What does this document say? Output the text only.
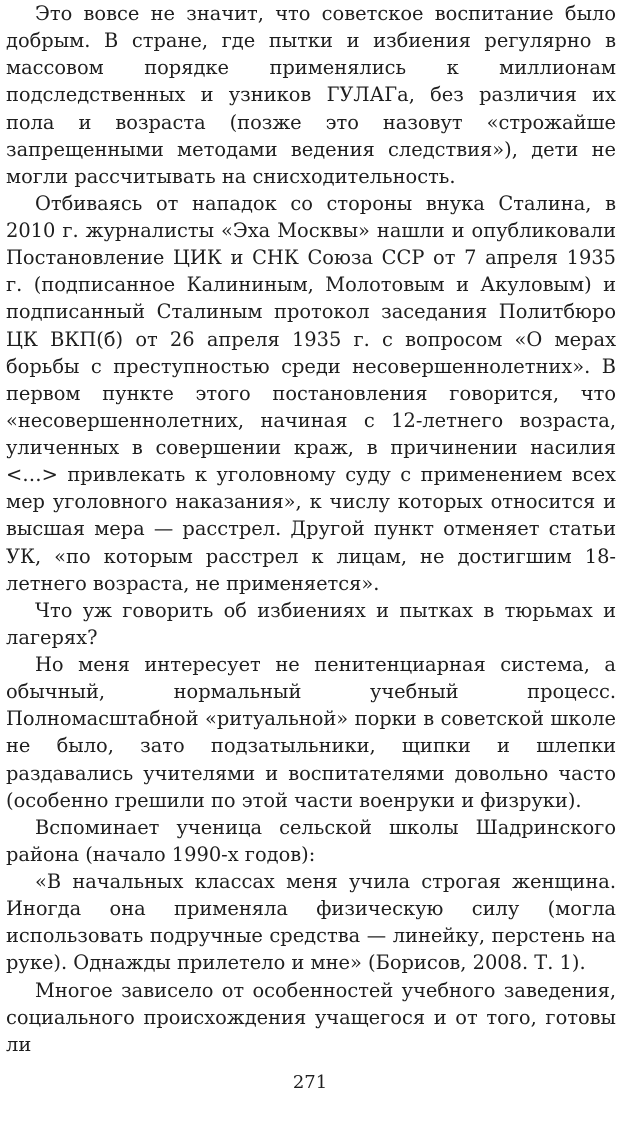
Это вовсе не значит, что советское воспитание было добрым. В стране, где пытки и избиения регулярно в массовом порядке применялись к миллионам подследственных и узников ГУЛАГа, без различия их пола и возраста (позже это назовут «строжайше запрещенными методами ведения следствия»), дети не могли рассчитывать на снисходительность.

Отбиваясь от нападок со стороны внука Сталина, в 2010 г. журналисты «Эха Москвы» нашли и опубликовали Постановление ЦИК и СНК Союза ССР от 7 апреля 1935 г. (подписанное Калининым, Молотовым и Акуловым) и подписанный Сталиным протокол заседания Политбюро ЦК ВКП(б) от 26 апреля 1935 г. с вопросом «О мерах борьбы с преступностью среди несовершеннолетних». В первом пункте этого постановления говорится, что «несовершеннолетних, начиная с 12-летнего возраста, уличенных в совершении краж, в причинении насилия <…> привлекать к уголовному суду с применением всех мер уголовного наказания», к числу которых относится и высшая мера — расстрел. Другой пункт отменяет статьи УК, «по которым расстрел к лицам, не достигшим 18-летнего возраста, не применяется».

Что уж говорить об избиениях и пытках в тюрьмах и лагерях?

Но меня интересует не пенитенциарная система, а обычный, нормальный учебный процесс. Полномасштабной «ритуальной» порки в советской школе не было, зато подзатыльники, щипки и шлепки раздавались учителями и воспитателями довольно часто (особенно грешили по этой части военруки и физруки).

Вспоминает ученица сельской школы Шадринского района (начало 1990-х годов):

«В начальных классах меня учила строгая женщина. Иногда она применяла физическую силу (могла использовать подручные средства — линейку, перстень на руке). Однажды прилетело и мне» (Борисов, 2008. Т. 1).

Многое зависело от особенностей учебного заведения, социального происхождения учащегося и от того, готовы ли

271
